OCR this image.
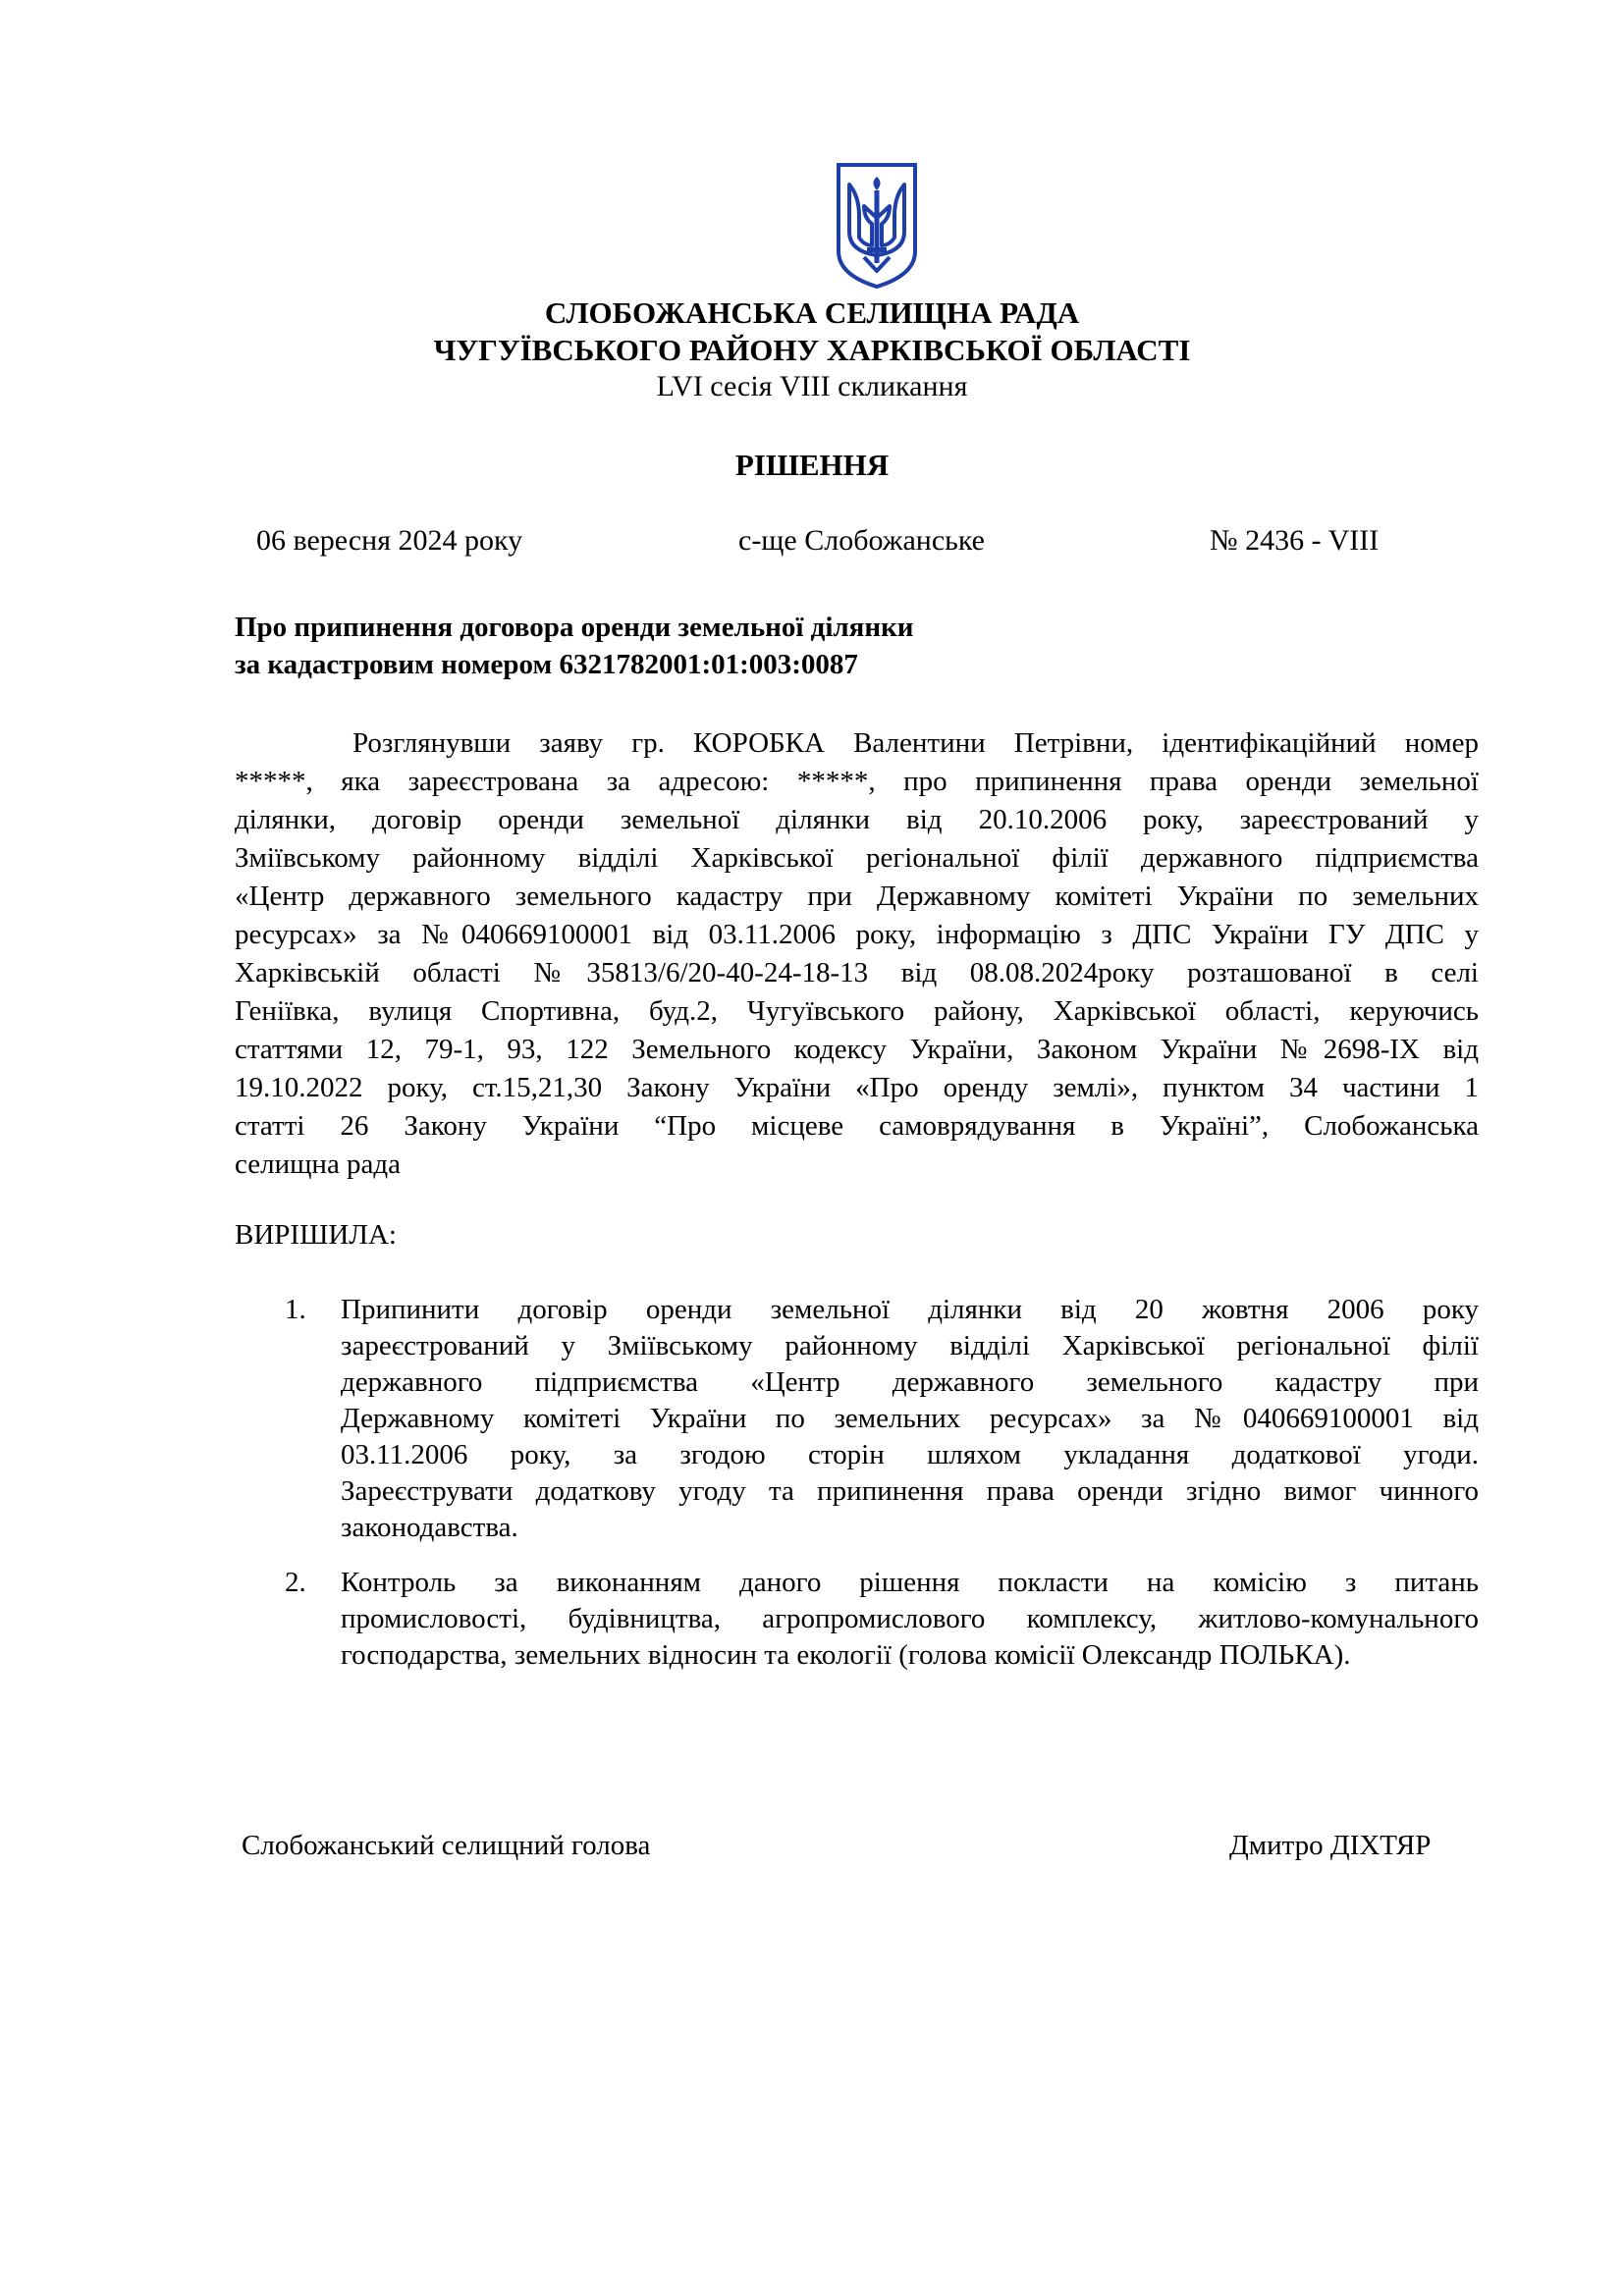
СЛОБОЖАНСЬКА СЕЛИЩНА РАДА
ЧУГУЇВСЬКОГО РАЙОНУ ХАРКІВСЬКОЇ ОБЛАСТІ
LVI сесія VIII скликання
РІШЕННЯ
06 вересня 2024 року	с-ще Слобожанське	№ 2436 - VIII
Про припинення договора оренди земельної ділянки
за кадастровим номером 6321782001:01:003:0087
Розглянувши заяву гр. КОРОБКА Валентини Петрівни, ідентифікаційний номер
*****, яка зареєстрована за адресою: *****, про припинення права оренди земельної
ділянки, договір оренди земельної ділянки від 20.10.2006 року, зареєстрований у
Зміївському районному відділі Харківської регіональної філії державного підприємства
«Центр державного земельного кадастру при Державному комітеті України по земельних
ресурсах» за №040669100001 від 03.11.2006 року, інформацію з ДПС України ГУ ДПС у
Харківській області №35813/6/20-40-24-18-13 від 08.08.2024року розташованої в селі
Геніївка, вулиця Спортивна, буд.2, Чугуївського району, Харківської області, керуючись
статтями 12, 79-1, 93, 122 Земельного кодексу України, Законом України №2698-IX від
19.10.2022 року, ст.15,21,30 Закону України «Про оренду землі», пунктом 34 частини 1
статті 26 Закону України “Про місцеве самоврядування в Україні”, Слобожанська
селищна рада
ВИРІШИЛА:
1. Припинити договір оренди земельної ділянки від 20 жовтня 2006 року
зареєстрований у Зміївському районному відділі Харківської регіональної філії
державного підприємства «Центр державного земельного кадастру при
Державному комітеті України по земельних ресурсах» за №040669100001 від
03.11.2006 року, за згодою сторін шляхом укладання додаткової угоди.
Зареєструвати додаткову угоду та припинення права оренди згідно вимог чинного
законодавства.
2. Контроль за виконанням даного рішення покласти на комісію з питань
промисловості, будівництва, агропромислового комплексу, житлово-комунального
господарства, земельних відносин та екології (голова комісії Олександр ПОЛЬКА).
Слобожанський селищний голова	Дмитро ДІХТЯР
